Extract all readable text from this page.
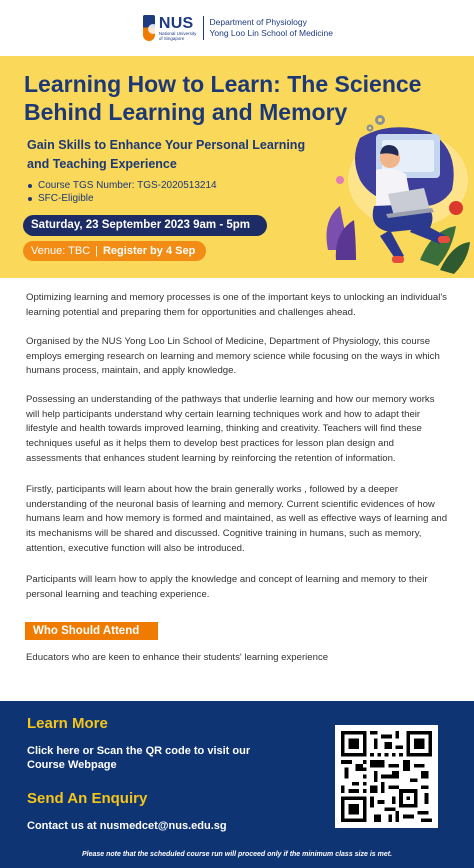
NUS
National University of Singapore
Department of Physiology
Yong Loo Lin School of Medicine
Learning How to Learn: The Science Behind Learning and Memory
Gain Skills to Enhance Your Personal Learning and Teaching Experience
Course TGS Number: TGS-2020513214
SFC-Eligible
Saturday, 23 September 2023 9am - 5pm
Venue: TBC | Register by 4 Sep

Optimizing learning and memory processes is one of the important keys to unlocking an individual's learning potential and preparing them for opportunities and challenges ahead.

Organised by the NUS Yong Loo Lin School of Medicine, Department of Physiology, this course employs emerging research on learning and memory science while focusing on the ways in which humans process, maintain, and apply knowledge.

Possessing an understanding of the pathways that underlie learning and how our memory works will help participants understand why certain learning techniques work and how to adapt their lifestyle and health towards improved learning, thinking and creativity. Teachers will find these techniques useful as it helps them to develop best practices for lesson plan design and assessments that enhances student learning by reinforcing the retention of information.

Firstly, participants will learn about how the brain generally works , followed by a deeper understanding of the neuronal basis of learning and memory. Current scientific evidences of how humans learn and how memory is formed and maintained, as well as effective ways of learning and its mechanisms will be shared and discussed. Cognitive training in humans, such as memory, attention, executive function will also be introduced.

Participants will learn how to apply the knowledge and concept of learning and memory to their personal learning and teaching experience.

Who Should Attend

Educators who are keen to enhance their students' learning experience

Learn More
Click here or Scan the QR code to visit our Course Webpage
Send An Enquiry
Contact us at nusmedcet@nus.edu.sg
Please note that the scheduled course run will proceed only if the minimum class size is met.
